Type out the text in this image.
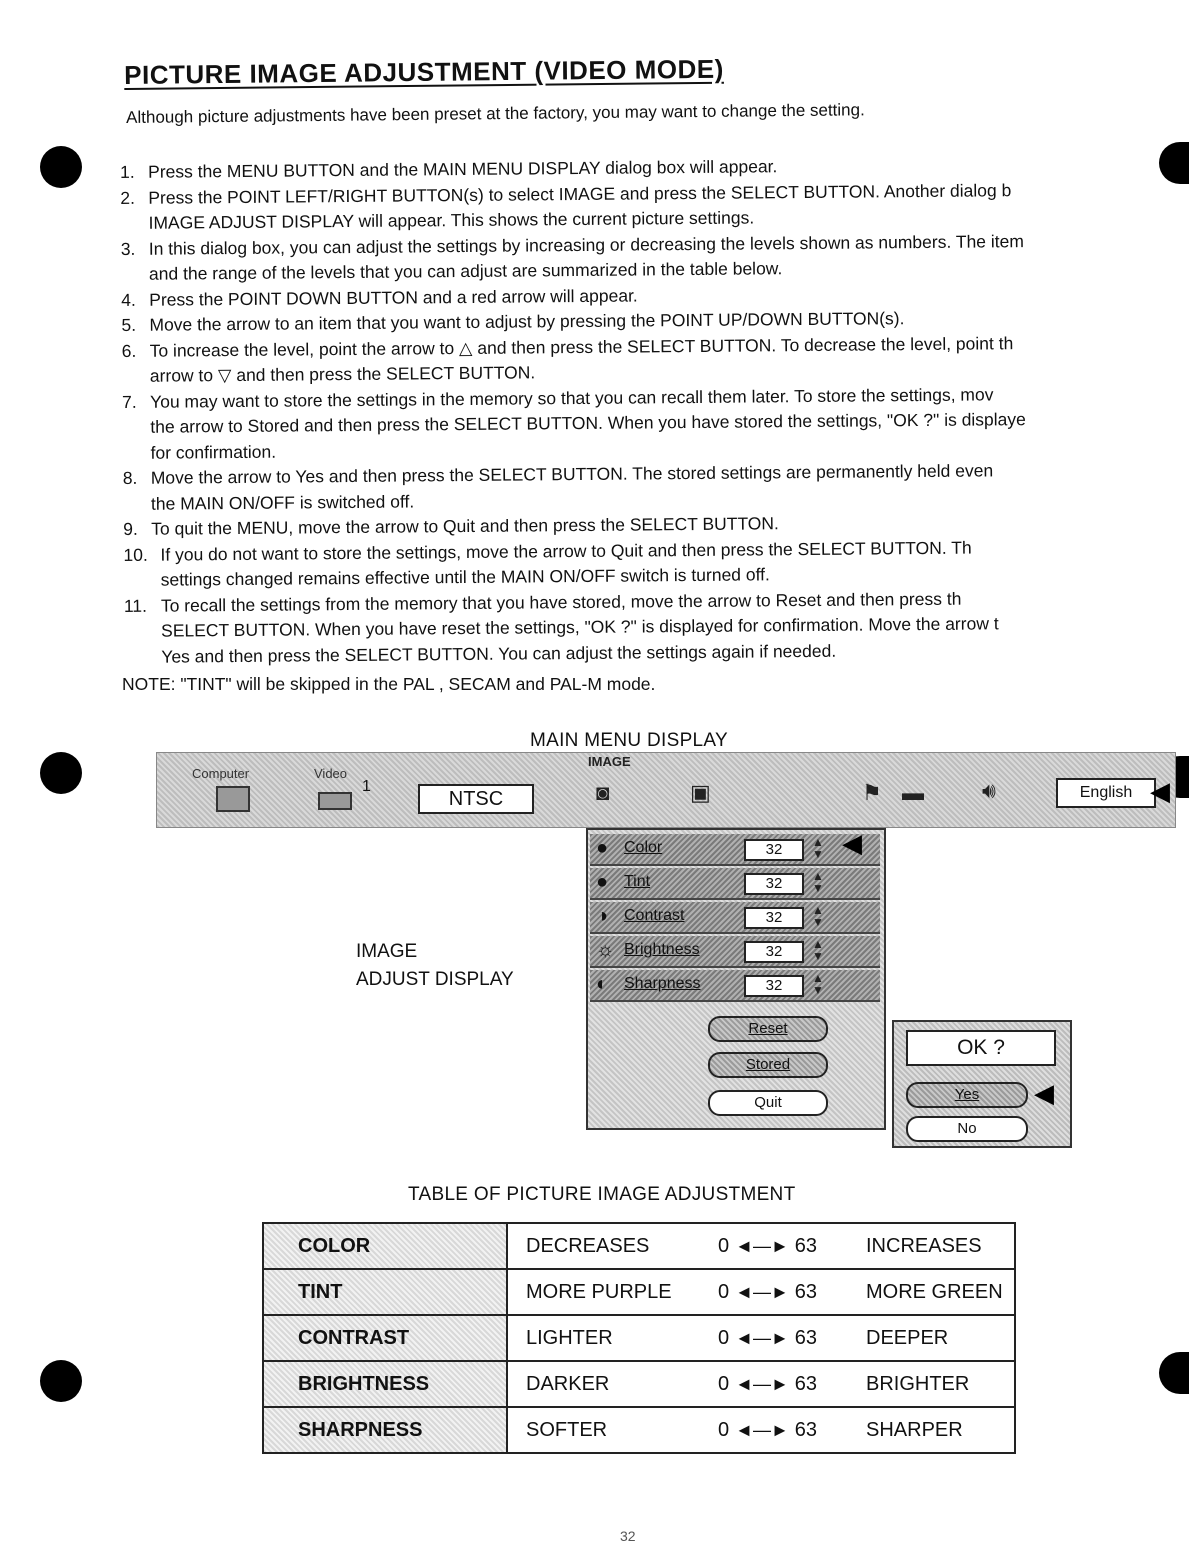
PICTURE IMAGE ADJUSTMENT (VIDEO MODE)
Although picture adjustments have been preset at the factory, you may want to change the setting.
1. Press the MENU BUTTON and the MAIN MENU DISPLAY dialog box will appear.
2. Press the POINT LEFT/RIGHT BUTTON(s) to select IMAGE and press the SELECT BUTTON. Another dialog b
IMAGE ADJUST DISPLAY will appear. This shows the current picture settings.
3. In this dialog box, you can adjust the settings by increasing or decreasing the levels shown as numbers. The item
and the range of the levels that you can adjust are summarized in the table below.
4. Press the POINT DOWN BUTTON and a red arrow will appear.
5. Move the arrow to an item that you want to adjust by pressing the POINT UP/DOWN BUTTON(s).
6. To increase the level, point the arrow to △ and then press the SELECT BUTTON. To decrease the level, point th
arrow to ▽ and then press the SELECT BUTTON.
7. You may want to store the settings in the memory so that you can recall them later. To store the settings, mov
the arrow to Stored and then press the SELECT BUTTON. When you have stored the settings, "OK ?" is displaye
for confirmation.
8. Move the arrow to Yes and then press the SELECT BUTTON. The stored settings are permanently held even
the MAIN ON/OFF is switched off.
9. To quit the MENU, move the arrow to Quit and then press the SELECT BUTTON.
10. If you do not want to store the settings, move the arrow to Quit and then press the SELECT BUTTON. Th
settings changed remains effective until the MAIN ON/OFF switch is turned off.
11. To recall the settings from the memory that you have stored, move the arrow to Reset and then press th
SELECT BUTTON. When you have reset the settings, "OK ?" is displayed for confirmation. Move the arrow t
Yes and then press the SELECT BUTTON. You can adjust the settings again if needed.
NOTE: "TINT" will be skipped in the PAL , SECAM and PAL-M mode.
MAIN MENU DISPLAY
Computer	Video
1
NTSC
IMAGE
◙	▣	⚑ ▬	🔊︎	English ◀
IMAGE
ADJUST DISPLAY
● Color	32	▲
▼
● Tint	32	▲
▼
◑ Contrast	32	▲
▼
☼ Brightness	32	▲
▼
◐ Sharpness	32	▲
▼
Reset
Stored
Quit
◀
OK ?
Yes
No
◀
TABLE OF PICTURE IMAGE ADJUSTMENT
COLOR	DECREASES 0 ◄—► 63 INCREASES

TINT	MORE PURPLE 0 ◄—► 63 MORE GREEN

CONTRAST	LIGHTER 0 ◄—► 63 DEEPER

BRIGHTNESS	DARKER 0 ◄—► 63 BRIGHTER

SHARPNESS	SOFTER 0 ◄—► 63 SHARPER
32
